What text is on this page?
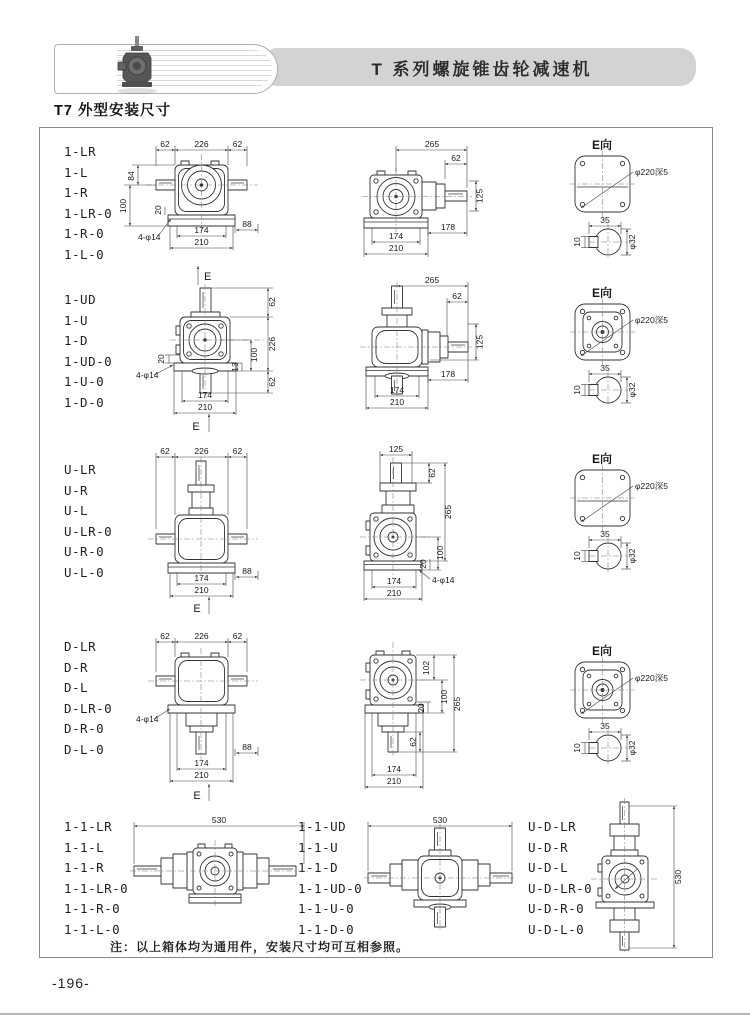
T 系列螺旋锥齿轮减速机
T7 外型安装尺寸
1-LR
1-L
1-R
1-LR-0
1-R-0
1-L-0
1-UD
1-U
1-D
1-UD-0
1-U-0
1-D-0
U-LR
U-R
U-L
U-LR-0
U-R-0
U-L-0
D-LR
D-R
D-L
D-LR-0
D-R-0
D-L-0
1-1-LR
1-1-L
1-1-R
1-1-LR-0
1-1-R-0
1-1-L-0
1-1-UD
1-1-U
1-1-D
1-1-UD-0
1-1-U-0
1-1-D-0
U-D-LR
U-D-R
U-D-L
U-D-LR-0
U-D-R-0
U-D-L-0
62	226	62
84
100	20
4-φ14
88
174
210
E
265
62
125
178
174
210
E向
φ220深5
35
10	φ32
62
226
62
100
13
20
4-φ14
174
210
E
265
62
125
178
174
210
E向
φ220深5
35
10	φ32
62	226	62
88
174
210
E
125
62
265
20
100
4-φ14
174
210
E向
φ220深5
35
10	φ32
62	226	62
4-φ14
88
174
210
E
102
20
100 265
62
174
210
E向
φ220深5
35
10	φ32
530	530
530
注：以上箱体均为通用件，安装尺寸均可互相参照。
-196-
